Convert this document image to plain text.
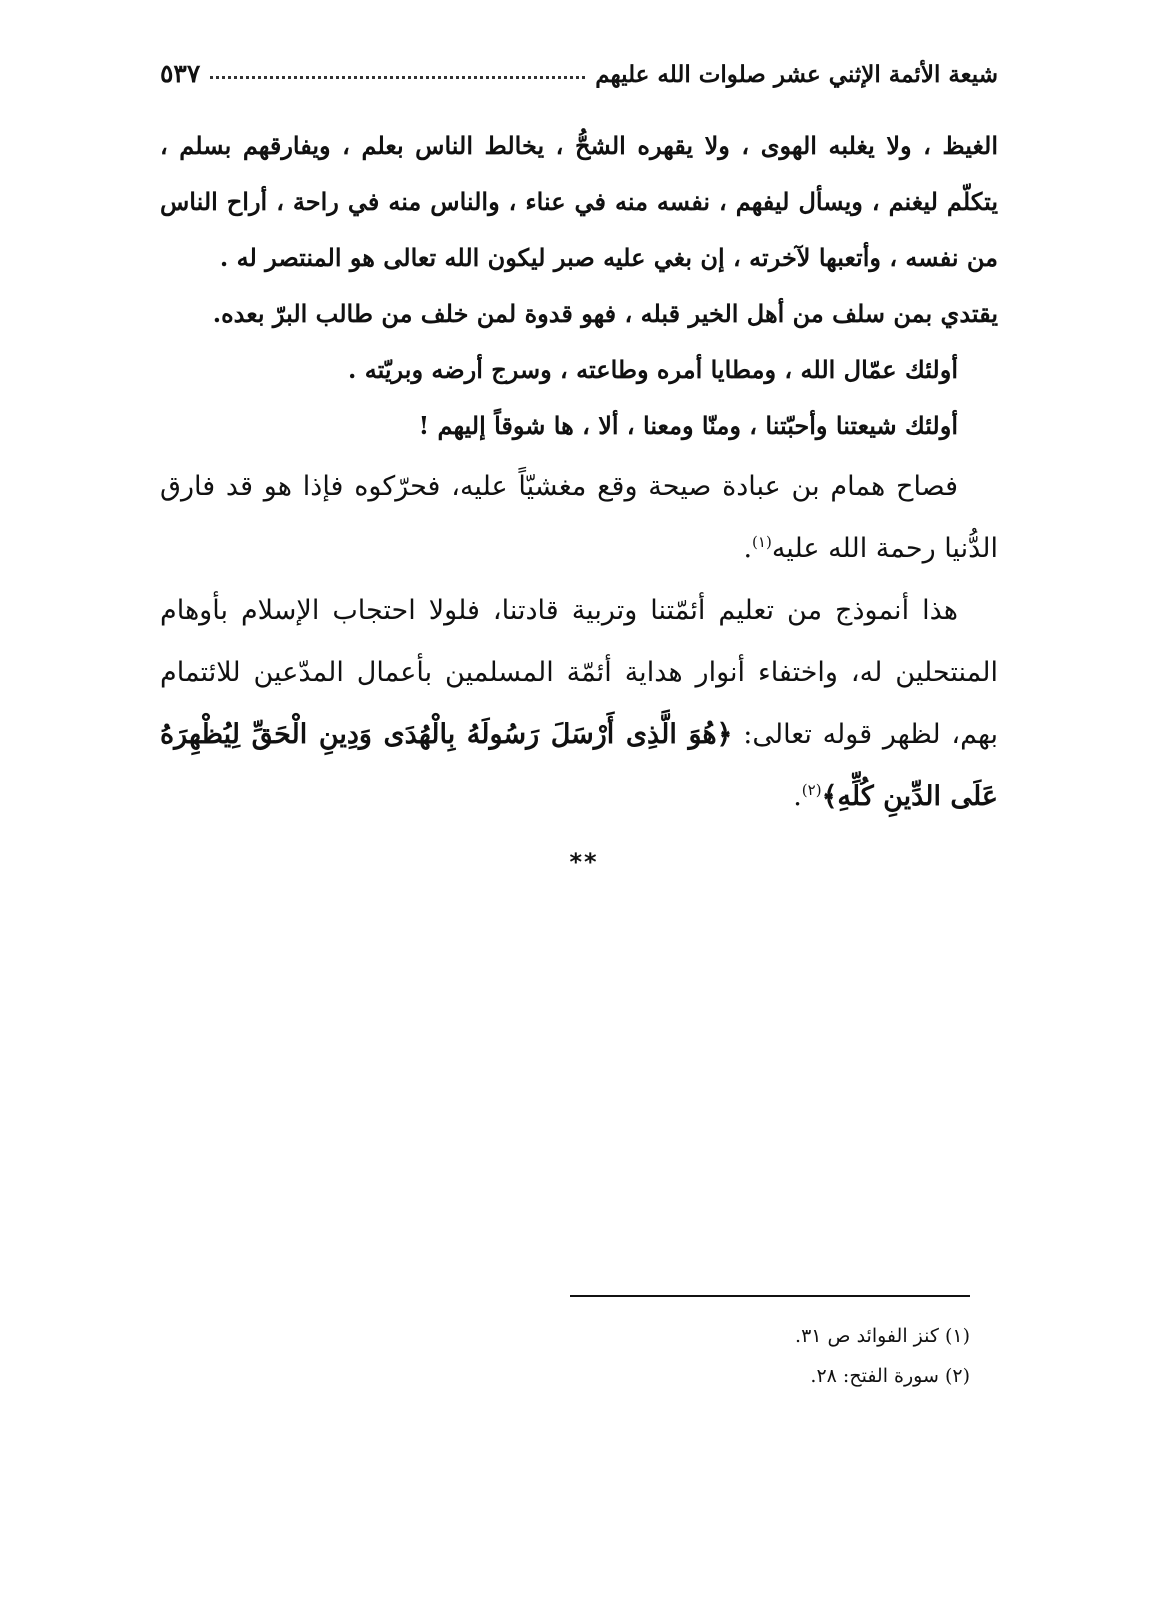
شيعة الأئمة الإثني عشر صلوات الله عليهم
٥٣٧

الغيظ ، ولا يغلبه الهوى ، ولا يقهره الشحُّ ، يخالط الناس بعلم ، ويفارقهم بسلم ، يتكلّم ليغنم ، ويسأل ليفهم ، نفسه منه في عناء ، والناس منه في راحة ، أراح الناس من نفسه ، وأتعبها لآخرته ، إن بغي عليه صبر ليكون الله تعالى هو المنتصر له .

يقتدي بمن سلف من أهل الخير قبله ، فهو قدوة لمن خلف من طالب البرّ بعده.

أولئك عمّال الله ، ومطايا أمره وطاعته ، وسرج أرضه وبريّته .

أولئك شيعتنا وأحبّتنا ، ومنّا ومعنا ، ألا ، ها شوقاً إليهم !

فصاح همام بن عبادة صيحة وقع مغشيّاً عليه، فحرّكوه فإذا هو قد فارق الدُّنيا رحمة الله عليه$^{(١)}$.

هذا أنموذج من تعليم أئمّتنا وتربية قادتنا، فلولا احتجاب الإسلام بأوهام المنتحلين له، واختفاء أنوار هداية أئمّة المسلمين بأعمال المدّعين للائتمام بهم، لظهر قوله تعالى: ﴿هُوَ الَّذِى أَرْسَلَ رَسُولَهُ بِالْهُدَى وَدِينِ الْحَقِّ لِيُظْهِرَهُ عَلَى الدِّينِ كُلِّهِ﴾$^{(٢)}$.

**

(١) كنز الفوائد ص ٣١.

(٢) سورة الفتح: ٢٨.
